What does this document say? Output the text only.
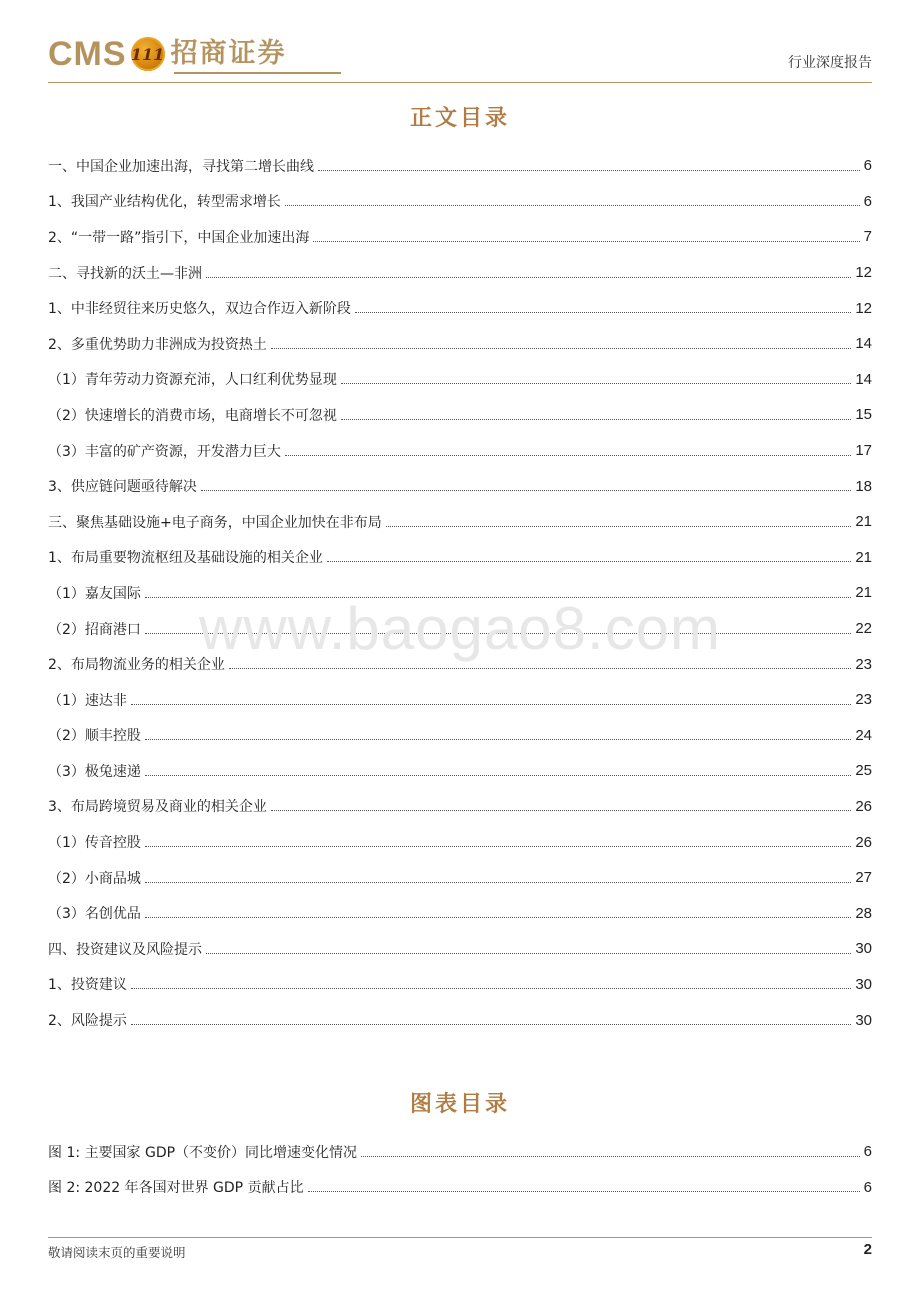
CMS 111 招商证券	行业深度报告
正文目录
一、中国企业加速出海，寻找第二增长曲线	6
1、我国产业结构优化，转型需求增长	6
2、“一带一路”指引下，中国企业加速出海	7
二、寻找新的沃土—非洲	12
1、中非经贸往来历史悠久，双边合作迈入新阶段	12
2、多重优势助力非洲成为投资热土	14
（1）青年劳动力资源充沛，人口红利优势显现	14
（2）快速增长的消费市场，电商增长不可忽视	15
（3）丰富的矿产资源，开发潜力巨大	17
3、供应链问题亟待解决	18
三、聚焦基础设施+电子商务，中国企业加快在非布局	21
1、布局重要物流枢纽及基础设施的相关企业	21
（1）嘉友国际	21
（2）招商港口	22
2、布局物流业务的相关企业	23
（1）速达非	23
（2）顺丰控股	24
（3）极兔速递	25
3、布局跨境贸易及商业的相关企业	26
（1）传音控股	26
（2）小商品城	27
（3）名创优品	28
四、投资建议及风险提示	30
1、投资建议	30
2、风险提示	30
www.baogao8.com
图表目录
图 1: 主要国家 GDP（不变价）同比增速变化情况	6
图 2: 2022 年各国对世界 GDP 贡献占比	6
敬请阅读末页的重要说明	2
